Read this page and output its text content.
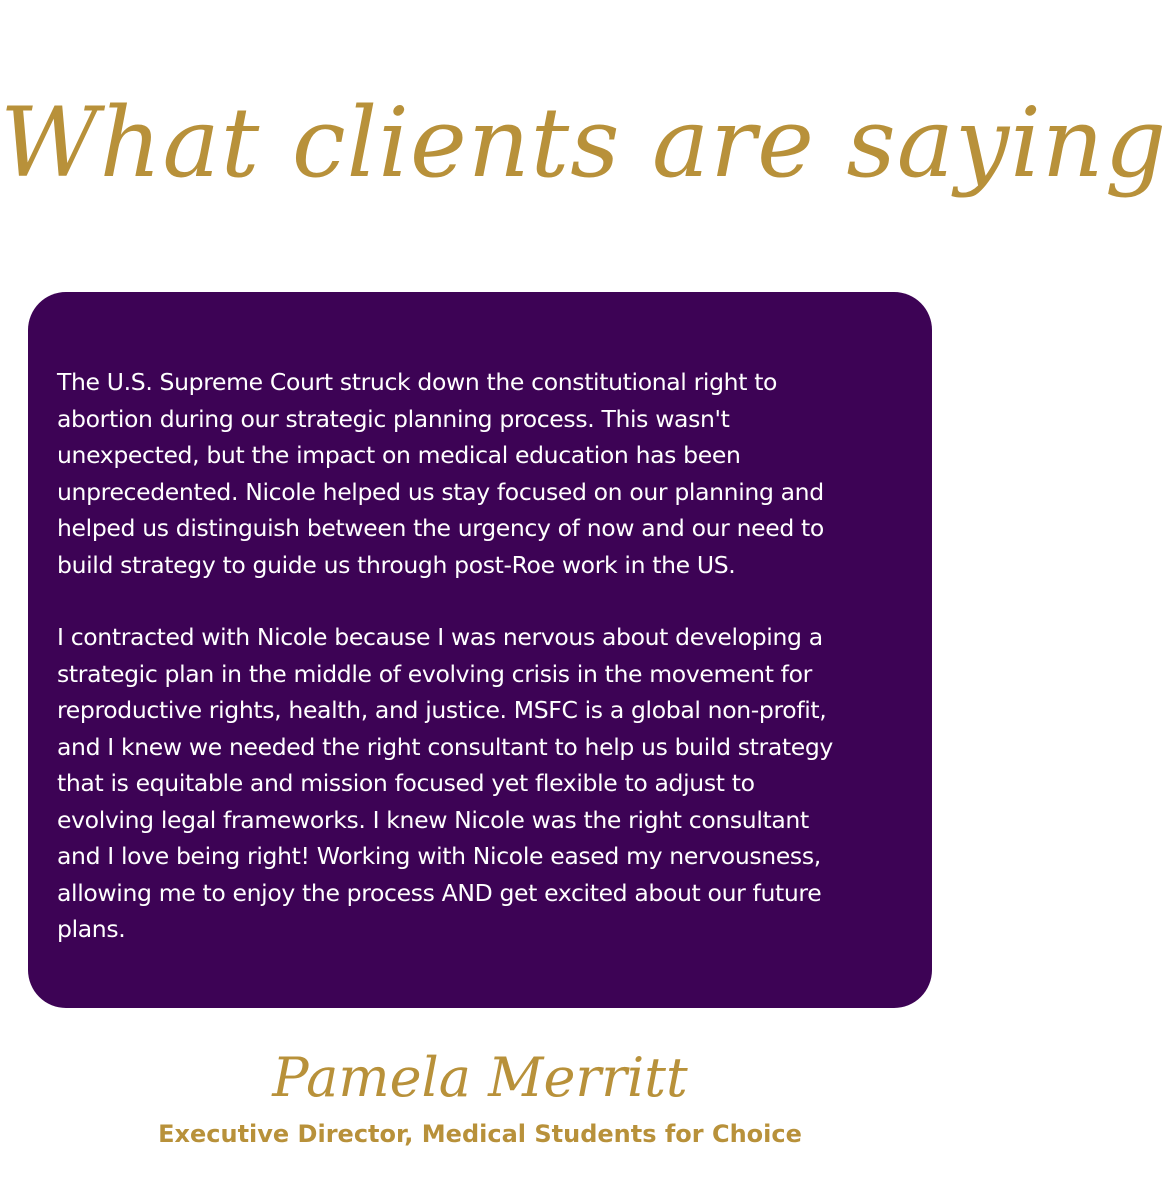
What clients are saying

The U.S. Supreme Court struck down the constitutional right to
abortion during our strategic planning process. This wasn't
unexpected, but the impact on medical education has been
unprecedented. Nicole helped us stay focused on our planning and
helped us distinguish between the urgency of now and our need to
build strategy to guide us through post-Roe work in the US.

I contracted with Nicole because I was nervous about developing a
strategic plan in the middle of evolving crisis in the movement for
reproductive rights, health, and justice. MSFC is a global non-profit,
and I knew we needed the right consultant to help us build strategy
that is equitable and mission focused yet flexible to adjust to
evolving legal frameworks. I knew Nicole was the right consultant
and I love being right! Working with Nicole eased my nervousness,
allowing me to enjoy the process AND get excited about our future
plans.

Pamela Merritt
Executive Director, Medical Students for Choice
